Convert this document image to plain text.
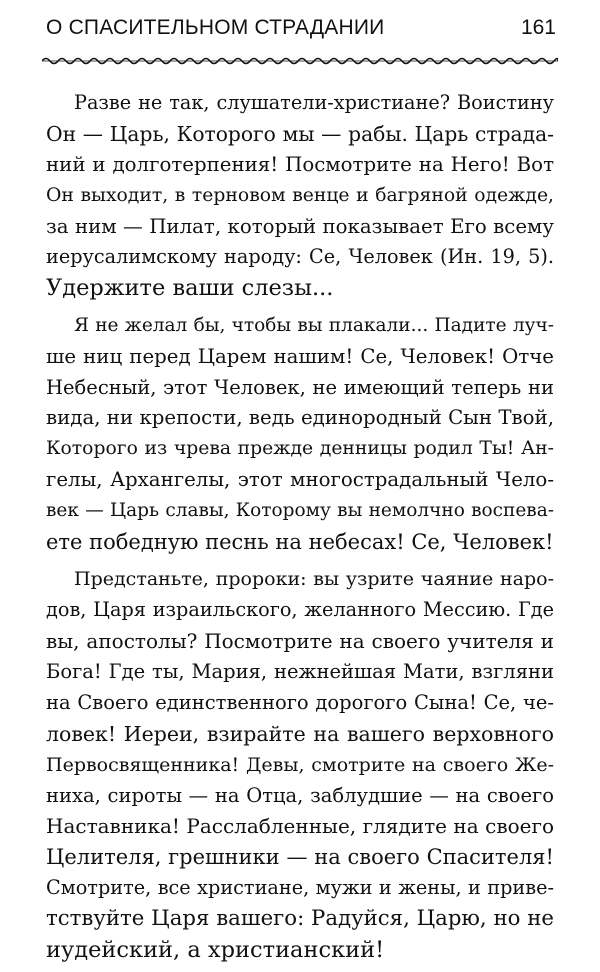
О СПАСИТЕЛЬНОМ СТРАДАНИИ	161
Разве не так, слушатели-христиане? Воистину
Он — Царь, Которого мы — рабы. Царь страда-
ний и долготерпения! Посмотрите на Него! Вот
Он выходит, в терновом венце и багряной одежде,
за ним — Пилат, который показывает Его всему
иерусалимскому народу: Се, Человек (Ин. 19, 5).
Удержите ваши слезы...
Я не желал бы, чтобы вы плакали... Падите луч-
ше ниц перед Царем нашим! Се, Человек! Отче
Небесный, этот Человек, не имеющий теперь ни
вида, ни крепости, ведь единородный Сын Твой,
Которого из чрева прежде денницы родил Ты! Ан-
гелы, Архангелы, этот многострадальный Чело-
век — Царь славы, Которому вы немолчно воспева-
ете победную песнь на небесах! Се, Человек!
Предстаньте, пророки: вы узрите чаяние наро-
дов, Царя израильского, желанного Мессию. Где
вы, апостолы? Посмотрите на своего учителя и
Бога! Где ты, Мария, нежнейшая Мати, взгляни
на Своего единственного дорогого Сына! Се, че-
ловек! Иереи, взирайте на вашего верховного
Первосвященника! Девы, смотрите на своего Же-
ниха, сироты — на Отца, заблудшие — на своего
Наставника! Расслабленные, глядите на своего
Целителя, грешники — на своего Спасителя!
Смотрите, все христиане, мужи и жены, и приве-
тствуйте Царя вашего: Радуйся, Царю, но не
иудейский, а христианский!
